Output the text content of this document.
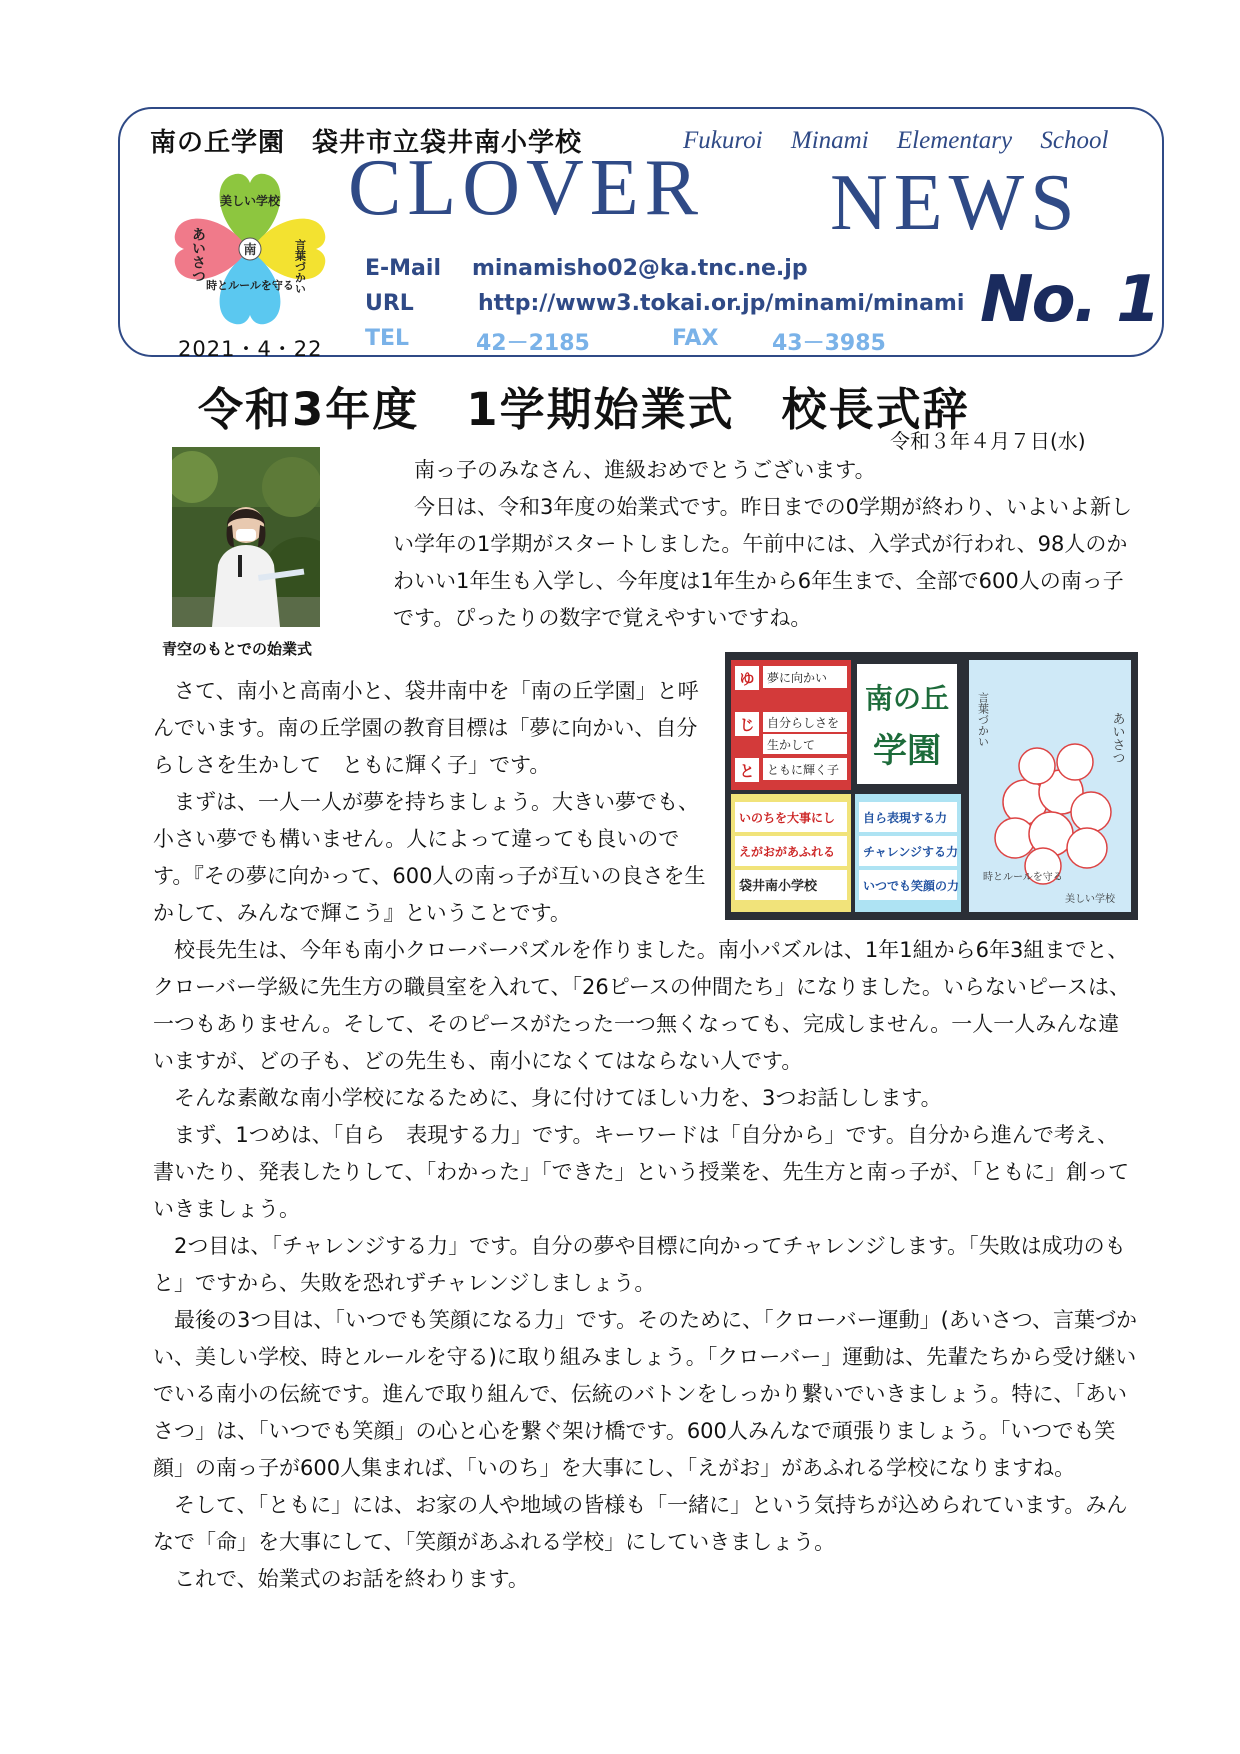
南の丘学園　袋井市立袋井南小学校	Fukuroi Minami Elementary School
CLOVER NEWS
E-Mail minamisho02@ka.tnc.ne.jp
URL	http://www3.tokai.or.jp/minami/minami
TEL	42－2185	FAX 43－3985
No. 1
2021・4・22
美しい学校
言葉づかい
時とルールを守る
あいさつ	南
令和3年度　1学期始業式　校長式辞
令和３年４月７日(水)
青空のもとでの始業式
　南っ子のみなさん、進級おめでとうございます。
　今日は、令和3年度の始業式です。昨日までの0学期が終わり、いよいよ新しい学年の1学期がスタートしました。午前中には、入学式が行われ、98人のかわいい1年生も入学し、今年度は1年生から6年生まで、全部で600人の南っ子です。ぴったりの数字で覚えやすいですね。
ゆ
じ
と
夢に向かい
自分らしさを
生かして
ともに輝く子
南の丘
学園
いのちを大事にし
えがおがあふれる
袋井南小学校
自ら表現する力
チャレンジする力
いつでも笑顔の力
言葉づかい	あいさつ
時とルールを守る
美しい学校
　さて、南小と高南小と、袋井南中を「南の丘学園」と呼んでいます。南の丘学園の教育目標は「夢に向かい、自分らしさを生かして　ともに輝く子」です。
　まずは、一人一人が夢を持ちましょう。大きい夢でも、小さい夢でも構いません。人によって違っても良いのです。『その夢に向かって、600人の南っ子が互いの良さを生かして、みんなで輝こう』ということです。
　校長先生は、今年も南小クローバーパズルを作りました。南小パズルは、1年1組から6年3組までと、クローバー学級に先生方の職員室を入れて、「26ピースの仲間たち」になりました。いらないピースは、一つもありません。そして、そのピースがたった一つ無くなっても、完成しません。一人一人みんな違いますが、どの子も、どの先生も、南小になくてはならない人です。
　そんな素敵な南小学校になるために、身に付けてほしい力を、3つお話しします。
　まず、1つめは、「自ら　表現する力」です。キーワードは「自分から」です。自分から進んで考え、書いたり、発表したりして、「わかった」「できた」という授業を、先生方と南っ子が、「ともに」創っていきましょう。
　2つ目は、「チャレンジする力」です。自分の夢や目標に向かってチャレンジします。「失敗は成功のもと」ですから、失敗を恐れずチャレンジしましょう。
　最後の3つ目は、「いつでも笑顔になる力」です。そのために、「クローバー運動」(あいさつ、言葉づかい、美しい学校、時とルールを守る)に取り組みましょう。「クローバー」運動は、先輩たちから受け継いでいる南小の伝統です。進んで取り組んで、伝統のバトンをしっかり繋いでいきましょう。特に、「あいさつ」は、「いつでも笑顔」の心と心を繋ぐ架け橋です。600人みんなで頑張りましょう。「いつでも笑顔」の南っ子が600人集まれば、「いのち」を大事にし、「えがお」があふれる学校になりますね。
　そして、「ともに」には、お家の人や地域の皆様も「一緒に」という気持ちが込められています。みんなで「命」を大事にして、「笑顔があふれる学校」にしていきましょう。
　これで、始業式のお話を終わります。
